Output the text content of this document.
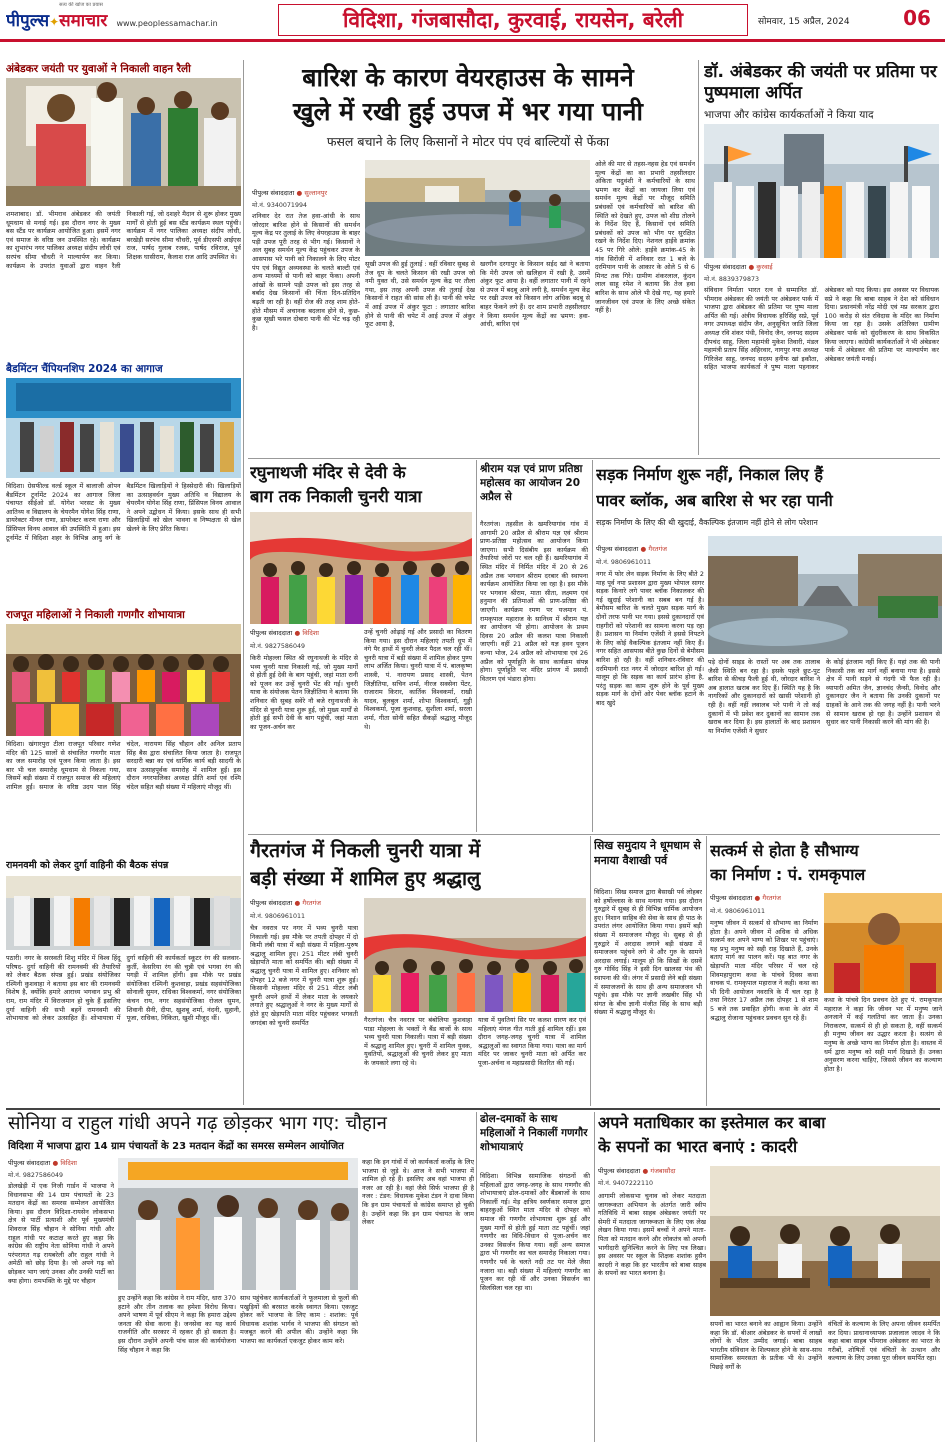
सत्य की खोज का प्रयास
पीपुल्स✦समाचार www.peoplessamachar.in	विदिशा, गंजबासौदा, कुरवाई, रायसेन, बरेली	सोमवार, 15 अप्रैल, 2024	06
अंबेडकर जयंती पर युवाओं ने निकाली वाहन रैली
शमशाबाद। डॉ. भीमराव अंबेडकर की जयंती धूमधाम से मनाई गई। इस दौरान नगर के मुख्य बस स्टैंड पर कार्यक्रम आयोजित हुआ। इसमें नगर एवं समाज के वरिष्ठ जन उपस्थित रहे। कार्यक्रम का शुभारंभ नगर पालिका अध्यक्ष संदीप लोधी एवं सरपंच सीमा चौधरी ने माल्यार्पण कर किया। कार्यक्रम के उपरांत युवाओं द्वारा वाहन रैली निकाली गई, जो दशहरे मैदान से शुरू होकर मुख्य मार्गों से होती हुई बस स्टैंड कार्यक्रम स्थल पहुंची। कार्यक्रम में नगर पालिका अध्यक्ष संदीप लोधी, बरखेड़ी सरपंच सीमा चौधरी, पूर्व डीएसपी आईएस राज, पार्षद गुलाब रजक, पार्षद रविराज, पूर्व शिक्षक घासीराम, कैलाश राज आदि उपस्थित थे।
बैडमिंटन चैंपियनशिप 2024 का आगाज
विदिशा। ग्रेसफील्ड वर्ल्ड स्कूल में बालाजी ओपन बैडमिंटन टूर्नामेंट 2024 का आगाज जिला पंचायत सीईओ डॉ. योगेश भरसट के मुख्य आतिथ्य व विद्यालय के चेयरमैन योगेश सिंह राणा, डायरेक्टर मीनल राणा, डायरेक्टर करण राणा और प्रिंसिपल विनय आवाल की उपस्थिति में हुआ। इस टूर्नामेंट में विदिशा शहर के विभिन्न आयु वर्ग के बैडमिंटन खिलाड़ियों ने हिस्सेदारी की। खिलाड़ियों का उत्साहवर्धन मुख्य अतिथि व विद्यालय के चेयरमैन योगेश सिंह राणा, प्रिंसिपल विनय आवाल ने अपने उद्बोधन में किया। इसके साथ ही सभी खिलाड़ियों को खेल भावना व निष्पक्षता से खेल खेलने के लिए प्रेरित किया।
राजपूत महिलाओं ने निकाली गणगौर शोभायात्रा
विदिशा। खंगारपुरा टीला राजपूत परिवार गणेश मंदिर की 125 सालों से संचालित गणगौर माता का जल समारोह एवं पूजन किया जाता है। इस बार भी चल समारोह धूमधाम से निकला गया, जिसमें बड़ी संख्या में राजपूत समाज की महिलाएं शामिल हुईं। समाज के वरिष्ठ उदय पाल सिंह चंदेल, नारायण सिंह चौहान और अनिल प्रताप सिंह बैस द्वारा संचालित किया जाता है। राजपूत सरदारी बन्ना का एवं धार्मिक कार्य बड़ी सादगी के साथ उत्साहपूर्वक समारोह में शामिल हुईं। इस दौरान नगरपालिका अध्यक्ष प्रीति शर्मा एवं रश्मि चंदेल सहित बड़ी संख्या में महिलाएं मौजूद थीं।
रामनवमी को लेकर दुर्गा वाहिनी की बैठक संपन्न
पठारी। नगर के सरस्वती शिशु मंदिर में विश्व हिंदू परिषद- दुर्गा वाहिनी की रामनवमी की तैयारियों को लेकर बैठक संपन्न हुई। प्रखंड संयोजिका रश्मिनी कुशवाहा ने बताया इस बार की रामनवमी विशेष है, क्योंकि हमारे आराध्य भगवान प्रभु श्री राम, राम मंदिर में विराजमान हो चुके हैं इसलिए दुर्गा वाहिनी की सभी बहनें रामनवमी की शोभायात्रा को लेकर उत्साहित हैं। शोभायात्रा में दुर्गा वाहिनी की कार्यकर्ता स्कूटर रंग की सलवार-कुर्ती, केसरिया रंग की चुन्नी एवं भगवा रंग की पगड़ी में शामिल होंगी। इस मौके पर प्रखंड संयोजिका रश्मिनी कुशवाहा, प्रखंड सहसंयोजिका सोनाली सुमन, राधिका विश्वकर्मा, नगर संयोजिका कंचन राय, नगर सहसंयोजिका रोजल सुमन, शिवानी सैनी, दीपा, खुशबू शर्मा, नंदनी, सुहानी, पूजा, राधिका, निकिता, खुशी मौजूद थीं।
बारिश के कारण वेयरहाउस के सामने
खुले में रखी हुई उपज में भर गया पानी
फसल बचाने के लिए किसानों ने मोटर पंप एवं बाल्टियों से फेंका
पीपुल्स संवाददाता ● सुल्तानपुर
मो.नं. 9340071994
शनिवार देर रात तेज हवा-आंधी के साथ जोरदार बारिश होने से किसानों की समर्थन मूल्य केंद्र पर तुलाई के लिए वेयरहाउस के बाहर पड़ी उपज पूरी तरह से भीग गई। किसानों ने अल सुबह समर्थन मूल्य केंद्र पहुंचकर उपज के आसपास भरे पानी को निकालने के लिए मोटर पंप एवं विद्युत अव्यवस्था के चलते बाल्टी एवं अन्य माध्यमों से पानी को बाहर फेंका। अपनी आंखों के सामने पड़ी उपज को इस तरह से बर्बाद देख किसानों की चिंता दिन-प्रतिदिन बढ़ती जा रही है। वहीं रोज की तरह शाम होते-होते मौसम में अचानक बदलाव होने से, कुछ-कुछ सूखी फसल दोबारा पानी की भेंट चढ़ रही है।
सूखी उपज की हुई तुलाई : वहीं रविवार सुबह से तेज धूप के चलते किसान की रखी उपज जो नमी युक्त थी, उसे समर्थन मूल्य केंद्र पर तौला गया, इस तरह अपनी उपज की तुलाई देख किसानों ने राहत की सांस ली है। पानी की चपेट में आई उपज में अंकुर फूटा : लगातार बारिश होने से पानी की चपेट में आई उपज में अंकुर फूट आया है,
खरगौन दरगापुर के किसान सईद खां ने बताया कि मेरी उपज जो खलिहान में रखी है, उसमें अंकुर फूट आया है। वहीं लगातार पानी में रहने से उपज में बदबू आने लगी है, समर्थन मूल्य केंद्र पर रखी उपज को किसान लोग अधिक बदबू से बाहर फेंकने लगे हैं। दर शाम प्रभारी तहसीलदार ने किया समर्थन मूल्य केंद्रों का भ्रमण: हवा-आंधी, बारिश एवं
ओले की मार से तहस-नहस हेड एवं समर्थन मूल्य केंद्रों का का प्रभारी तहसीलदार अंकिता यदुवंशी ने कर्मचारियों के साथ भ्रमण कर केंद्रों का जायजा लिया एवं समर्थन मूल्य केंद्रों पर मौजूद समिति प्रबंधकों एवं कर्मचारियों को बारिश की स्थिति को देखते हुए, उपज को शीघ्र तोलने के निर्देश दिए हैं, किसानों एवं समिति प्रबंधकों को उपज को भीग पर सुरक्षित रखने के निर्देश दिए। नेशनल हाईवे क्रमांक 45 पर गिरे ओले: हाईवे क्रमांक-45 के गांव सिरोंजी में शनिवार रात 1 बजे के दरमियान पानी के आकार के ओले 5 से 6 मिनट तक गिरे। ग्रामीण शंकरलाल, कुंदन लाल साहू रमेश ने बताया कि तेज हवा बारिश के साथ ओले भी देखे गए, यह हमारे जानजीवन एवं उपज के लिए अच्छे संकेत नहीं है।
डॉ. अंबेडकर की जयंती पर प्रतिमा पर पुष्पमाला अर्पित
भाजपा और कांग्रेस कार्यकर्ताओं ने किया याद
पीपुल्स संवाददाता ● कुरवाई
मो.नं. 8839379873
संविधान निर्माता भारत रत्न से सम्मानित डॉ. भीमराव अंबेडकर की जयंती पर अंबेडकर पार्क में भाजपा द्वारा अंबेडकर की प्रतिमा पर पुष्प माला अर्पित की गई। अंत्रीय विधायक हरिसिंह सप्रे, पूर्व नगर उपाध्यक्ष संदीप जैन, अनुसूचित जाति जिला अध्यक्ष रवि शंकर पंथी, विनोद जैन, जनपद सदस्य दीपचंद साहू, जिला महामंत्री मुकेश तिवारी, मंडल महामंत्री प्रताप सिंह अहिरवार, नागपुर नपा अध्यक्ष गिरिजेश साहू, जनपद सदस्य हनीफ खां इकौता, सहित भाजपा कार्यकर्ता ने पुष्प माला पहनाकर अंबेडकर को याद किया। इस अवसर पर विधायक सप्रे ने कहा कि बाबा साहब ने देश को संविधान दिया। प्रधानमंत्री नरेंद्र मोदी एवं मप्र सरकार द्वारा 100 करोड़ से संत रविदास के मंदिर का निर्माण किया जा रहा है। उसके अतिरिक्त ग्रामीण अंबेडकर पार्क को सुंदरीकरण के साथ विकसित किया जाएगा। कांग्रेसी कार्यकर्ताओं ने भी अंबेडकर पार्क में अंबेडकर की प्रतिमा पर माल्यार्पण कर अंबेडकर जयंती मनाई।
रघुनाथजी मंदिर से देवी के
बाग तक निकाली चुनरी यात्रा
पीपुल्स संवाददाता ● विदिशा
मो.नं. 9827586049
किरी मोहल्ला स्थित श्री रघुनाथजी के मंदिर से भव्य चुनरी यात्रा निकाली गई, जो मुख्य मार्गों से होती हुई देवी के बाग पहुंची, जहां माता रानी को पूजन कर उन्हें चुनरी भेंट की गई। चुनरी यात्रा के संयोजक पेतन जिज्ञीतिया ने बताया कि शनिवार की सुबह सवेरे नौ बजे रघुनाथजी के मंदिर से चुनरी यात्रा शुरू हुई, जो मुख्य मार्गों से होती हुई सभी देवी के बाग पहुंची, जहां माता का पूजन-अर्चन कर
उन्हें चुनरी ओढ़ाई गई और प्रसादी का वितरण किया गया। इस दौरान महिलाएं तपती धूप में नंगे पैर हाथों में चुनरी लेकर पैदल चल रही थीं। चुनरी यात्रा में बड़ी संख्या में शामिल होकर पुण्य लाभ अर्जित किया। चुनरी यात्रा में पं. बालकृष्ण शास्त्री, पं. नारायण प्रसाद शास्त्री, पेतन जिज्ञीतिया, सचिन शर्मा, नीरज सक्सेना पेंटर, राजाराम किरार, कार्तिक विश्वकर्मा, राखी यादव, बुलबुल शर्मा, शोभा विश्वकर्मा, गुड्डी विश्वकर्मा, पूजा कुशवाह, सुशीला शर्मा, सरला शर्मा, गीता सोनी सहित सैकड़ों श्रद्धालु मौजूद थे।
श्रीराम यज्ञ एवं प्राण प्रतिष्ठा महोत्सव का आयोजन 20 अप्रैल से
गैरतगंज। तहसील के खमरियागांव गांव में आगामी 20 अप्रैल से श्रीराम यज्ञ एवं श्रीराम प्राण-प्रतिष्ठा महोत्सव का आयोजन किया जाएगा। सभी दिसंबीय इस कार्यक्रम की तैयारियां जोरों पर चल रही हैं। खमरियागांव में स्थित मंदिर में निर्मित मंदिर में 20 से 26 अप्रैल तक भगवान श्रीराम दरबार की स्थापना कार्यक्रम आयोजित किया जा रहा है। इस मौके पर भगवान श्रीराम, माता सीता, लक्ष्मण एवं हनुमान की प्रतिमाओं की प्राण-प्रतिष्ठा की जाएगी। कार्यक्रम रमण पर यजमान पं. रामकृपाल महाराज के सानिध्य में श्रीराम यज्ञ का आयोजन भी होगा। आयोजन के प्रथम दिवस 20 अप्रैल की कलश यात्रा निकाली जाएगी। वहीं 21 अप्रैल को यज्ञ हवन पूजन कन्या भोज, 24 अप्रैल को शोभायात्रा एवं 26 अप्रैल को पूर्णाहुति के साथ कार्यक्रम संपन्न होगा। पूर्णाहुति पर मंदिर प्रांगण में प्रसादी वितरण एवं भंडारा होगा।
सड़क निर्माण शुरू नहीं, निकाल लिए हैं
पावर ब्लॉक, अब बारिश से भर रहा पानी
सड़क निर्माण के लिए की थी खुदाई, वैकल्पिक इंतजाम नहीं होने से लोग परेशान
पीपुल्स संवाददाता ● गैरतगंज
मो.नं. 9806961011
नगर में फोर लेन सड़क निर्माण के लिए बीते 2 माह पूर्व नपा प्रशासन द्वारा मुख्य भोपाल सागर सड़क किनारे लगे पावर ब्लॉक निकालकर की गई खुदाई परेशानी का सबब बन गई है। बेमौसम बारिश के चलते मुख्य सड़क मार्ग के दोनों तरफ पानी भर गया। इससे दुकानदारों एवं राहगीरों को परेशानी का सामना करना पड़ रहा है। प्रशासन या निर्माण एजेंसी ने इससे निपटने के लिए कोई वैकल्पिक इंतजाम नहीं किए हैं। नगर सहित आसपास बीते कुछ दिनों से बेमौसम बारिश हो रही है। वहीं शनिवार-रविवार की दरमियानी रात नगर में जोरदार बारिश हो गई। मालूम हो कि सड़क का कार्य प्रारंभ होना है, परंतु सड़क का काम शुरू होने के पूर्व मुख्य सड़क मार्ग के दोनों ओर पेवर ब्लॉक हटाने के बाद खुदे
पड़े दोनों साइड के रास्तों पर अब तक तालाब जैसी स्थिति बन रहा है। इसके पहले छुट-पुट बारिश से कीचड़ फैली हुई थी, जोरदार बारिश ने अब हालात खराब कर दिए हैं। स्थिति यह है कि नागरिकों और दुकानदारों को खासी परेशानी हो रही है। वहीं नहीं लवालब भरे पानी ने तो कई दुकानों में भी प्रवेश कर दुकानों का सामान तक खराब कर दिया है। इस हालातों के बाद प्रशासन या निर्माण एजेंसी ने सुधार
के कोई इंतजाम नहीं किए हैं। यहां तक की पानी निकासी तक का मार्ग नहीं बनाया गया है। इससे क्षेत्र में पानी सड़ने से गंदगी भी फैल रही है। व्यापारी अमित जैन, ज्ञानचंद जैन्सी, विनोद और दुकानदार जैन ने बताया कि उनकी दुकानों पर ग्राहकों के आने तक की जगह नहीं है। पानी भरने से सामान खराब हो रहा है। उन्होंने प्रशासन से सुधार कर पानी निकासी करने की मांग की है।
गैरतगंज में निकली चुनरी यात्रा में
बड़ी संख्या में शामिल हुए श्रद्धालु
पीपुल्स संवाददाता ● गैरतगंज
मो.नं. 9806961011
चैत्र नवरात्र पर नगर में भव्य चुनरी यात्रा निकाली गई। इस मौके पर तपती दोपहर में दो किमी लंबी यात्रा में बड़ी संख्या में महिला-पुरुष श्रद्धालु शामिल हुए। 251 मीटर लंबी चुनरी खेड़ापति माता को समर्पित की। बड़ी संख्या में श्रद्धालु चुनरी यात्रा में शामिल हुए। शनिवार को दोपहर 12 बजे नगर में चुनरी यात्रा शुरू हुई। किसानी मोहल्ला मंदिर से 251 मीटर लंबी चुनरी अपने हाथों में लेकर माता के जयकारे लगाते हुए श्रद्धालुओं ने नगर के मुख्य मार्गों से होते हुए खेड़ापति माता मंदिर पहुंचकर भगवती जगदंबा को चुनरी समर्पित	गैरतगंज। चैत्र नवरात्र पर बंबोलिया कुशवाहा पाडा मोहल्ला के भक्तों ने बैंड बाजों के साथ भव्य चुनरी यात्रा निकाली। यात्रा में बड़ी संख्या में श्रद्धालु शामिल हुए। चुनरी में शामिल युवक, युवतियों, श्रद्धालुओं की चुनरी लेकर हुए माता के जयकारे लगा रहे थे।
यात्रा में युवतियां सिर पर कलश धारण कर एवं महिलाएं मंगल गीत गाती हुई शामिल रहीं। इस दौरान जगह-जगह चुनरी यात्रा में शामिल श्रद्धालुओं का स्वागत किया गया। यात्रा का मार्ग मंदिर पर जाकर चुनरी माता को अर्पित कर पूजा-अर्चना व महाप्रसादी वितरित की गई।
सिख समुदाय ने धूमधाम से मनाया वैशाखी पर्व
विदिशा। सिख समाज द्वारा बैसाखी पर्व लोहबर को हर्षोल्लास के साथ मनाया गया। इस दौरान गुरुद्वारे में सुबह से ही विभिन्न धार्मिक आयोजन हुए। निशान साहिब की सेवा के साथ ही पाठ के उपरांत लंगर आयोजित किया गया। इसमें बड़ी संख्या में समाजजन मौजूद थे। सुबह से ही गुरुद्वारे में अरदास लगाने बड़ी संख्या में समाजजन पहुंचने लगे थे और गुरु के सामने अरदास लगाई। मालूम हो कि सिखों के दसवें गुरु गोविंद सिंह ने इसी दिन खालसा पंथ की स्थापना की थी। लंगर में प्रसादी लेने बड़ी संख्या में समाजजनों के साथ ही अन्य समाजजन भी पहुंचे। इस मौके पर ज्ञानी लखबीर सिंह भी संगत के बीच ज्ञानी मंजीत सिंह के साथ बड़ी संख्या में श्रद्धालु मौजूद थे।
सत्कर्म से होता है सौभाग्य
का निर्माण : पं. रामकृपाल
पीपुल्स संवाददाता ● गैरतगंज
मो.नं. 9806961011
मनुष्य जीवन में सत्कर्म से सौभाग्य का निर्माण होता है। अपने जीवन में अधिक से अधिक सत्कर्म कर अपने भाग्य को शिखर पर पहुंचाएं। यह प्रभु मनुष्य को सही राह दिखाते हैं, उनके बताए मार्ग का पालन करें। यह बात नगर के खेड़ापति माता मंदिर परिसर में चल रहे शिवमहापुराण कथा के पांचवे दिवस कथा वाचक पं. रामकृपाल महाराज ने कही। कथा का भी दिनी आयोजन नवरात्रि के मैं चल रहा है तथा निरंतर 17 अप्रैल तक दोपहर 1 से शाम 5 बजे तक प्रवाहित होगी। कथा के अंत में श्रद्धालु रोजाना पहुंचकर प्रवचन सुन रहे हैं।
कथा के पांचवे दिन प्रवचन देते हुए पं. रामकृपाल महाराज ने कहा कि जीवन भर में मनुष्य जाने अनजाने में कई गलतियां कर जाता है। उनका निराकरण, सत्कर्म से ही हो सकता है, वहीं सत्कर्म ही मनुष्य जीवन का उद्धार करता है। सत्संग से मनुष्य के अच्छे भाग्य का निर्माण होता है। वास्तव में धर्म द्वारा मनुष्य को सही मार्ग दिखाते हैं। उनका अनुसरण करना चाहिए, जिससे जीवन का कल्याण होता है।
सोनिया व राहुल गांधी अपने गढ़ छोड़कर भाग गए: चौहान
विदिशा में भाजपा द्वारा 14 ग्राम पंचायतों के 23 मतदान केंद्रों का समरस सम्मेलन आयोजित
पीपुल्स संवाददाता ● विदिशा
मो.नं. 9827586049
डोलखेड़ी में एक निजी गार्डन में भाजपा ने विधानसभा की 14 ग्राम पंचायतों के 23 मतदान केंद्रों का समरस सम्मेलन आयोजित किया। इस दौरान विदिशा-रायसेन लोकसभा क्षेत्र से पार्टी प्रत्याशी और पूर्व मुख्यमंत्री शिवराज सिंह चौहान ने सोनिया गांधी और राहुल गांधी पर कटाक्ष करते हुए कहा कि कांग्रेस की राष्ट्रीय नेता सोनिया गांधी ने अपने परंपरागत गढ़ रायबरेली और राहुल गांधी ने अमेठी को छोड़ दिया है। जो अपने गढ़ को छोड़कर भाग जाएं उनका और उनकी पार्टी का क्या होगा। रामभक्ति के मुद्दे पर चौहान
कहा कि इन गांवों में जो कार्यकर्ता कर्जोड़ के लिए भाजपा से जुड़े थे। आज ने सभी भाजपा में शामिल हो रहे हैं। इसलिए अब वहां भाजपा ही नजर आ रही है। वहां जैसे सिर्फ भाजपा ही है नजर : टंडन: विधायक मुकेश टंडन ने दावा किया कि इन ग्राम पंचायतों से कांग्रेस समाप्त हो चुकी है। उन्होंने कहा कि इन ग्राम पंचायत के जाम लेकर
हुए उन्होंने कहा कि कांग्रेस ने राम मंदिर, धारा 370 हटाने और तीन तलाक का हमेशा विरोध किया। अपने भाषण में पूर्व सीएम ने कहा कि हमारा उद्देश्य जनता की सेवा करना है। जनसेवा का यह कार्य राजनीति और सरकार में रहकर ही हो सकता है। इस दौरान उन्होंने अपनी पांच साल की कार्ययोजना सिंह चौहान ने कहा कि
साथ पहुंचेकर कार्यकर्ताओं ने फूलमाला से फूलों की पखुड़ियों की बरसात करके स्वागत किया। एकजुट होकर करें भाजपा के लिए काम : शशांक: पूर्व विधायक शशांक भार्गव ने भाजपा की संगठन को मजबूत करने की अपील की। उन्होंने कहा कि भाजपा का कार्यकर्ता एकजुट होकर काम करे।
ढोल-दमाकों के साथ महिलाओं ने निकालीं गणगौर शोभायात्राएं
विदिशा। विभिन्न सामाजिक संगठनों की महिलाओं द्वारा जगह-जगह के साथ गणगौर की शोभायात्राएं ढोल-दमाकों और बैंडबाजों के साथ निकालीं गई। मेड़ क्षत्रिय स्वर्णकार समाज द्वारा बाहरकुओं स्थित माता मंदिर से दोपहर को समाज की गणगौर शोभायात्रा शुरू हुई और मुख्य मार्गों से होती हुई माता तट पहुंचीं। जहां गणगौर का विधि-विधान से पूजा-अर्चन कर उनका विसर्जन किया गया। वहीं अन्य समाज द्वारा भी गणगौर का चल समारोह निकाला गया। गणगौर पर्व के चलते नदी तट पर मेले जैसा नजारा था। बड़ी संख्या में महिलाएं गणगौर का पूजन कर रही थीं और उनका विसर्जन का सिलसिला चल रहा था।
अपने मताधिकार का इस्तेमाल कर बाबा
के सपनों का भारत बनाएं : कादरी
पीपुल्स संवाददाता ● गंजबासौदा
मो.नं. 9407222110
आगामी लोकसभा चुनाव को लेकर मतदाता जागरूकता अभियान के अंतर्गत जारी स्वीप गतिविधि में बाबा साहब अंबेडकर जयंती पर सेमरी में मतदाता जागरूकता के लिए एक लेख लेखन किया गया। इसमें बच्चों ने अपने माता-पिता को मतदान करने और लोकतंत्र को अपनी भागीदारी सुनिश्चित करने के लिए पत्र लिखा। इस अवसर पर स्कूल के शिक्षक शशांक हुसैन कादरी ने कहा कि हर भारतीय को बाबा साहब के सपनों का भारत बनाना है।
सपनों का भारत बनाने का आह्वान किया। उन्होंने कहा कि डॉ. बीआर अंबेडकर के सपनों में लाखों लोगों के भीतर उम्मीद जगाई। बाबा साहब भारतीय संविधान के शिल्पकार होने के साथ-साथ सामाजिक समरसता के प्रतीक भी थे। उन्होंने पिछड़े वर्गों के
वंचितों के कल्याण के लिए अपना जीवन समर्पित कर दिया। प्राधानाध्यापक प्रजालाल जादव ने कि कहा बाबा साहब भीमराव अंबेडकर का भारत के गरीबों, शोषितों एवं वंचितों के उत्थान और कल्याण के लिए उनका पूरा जीवन समर्पित रहा।
